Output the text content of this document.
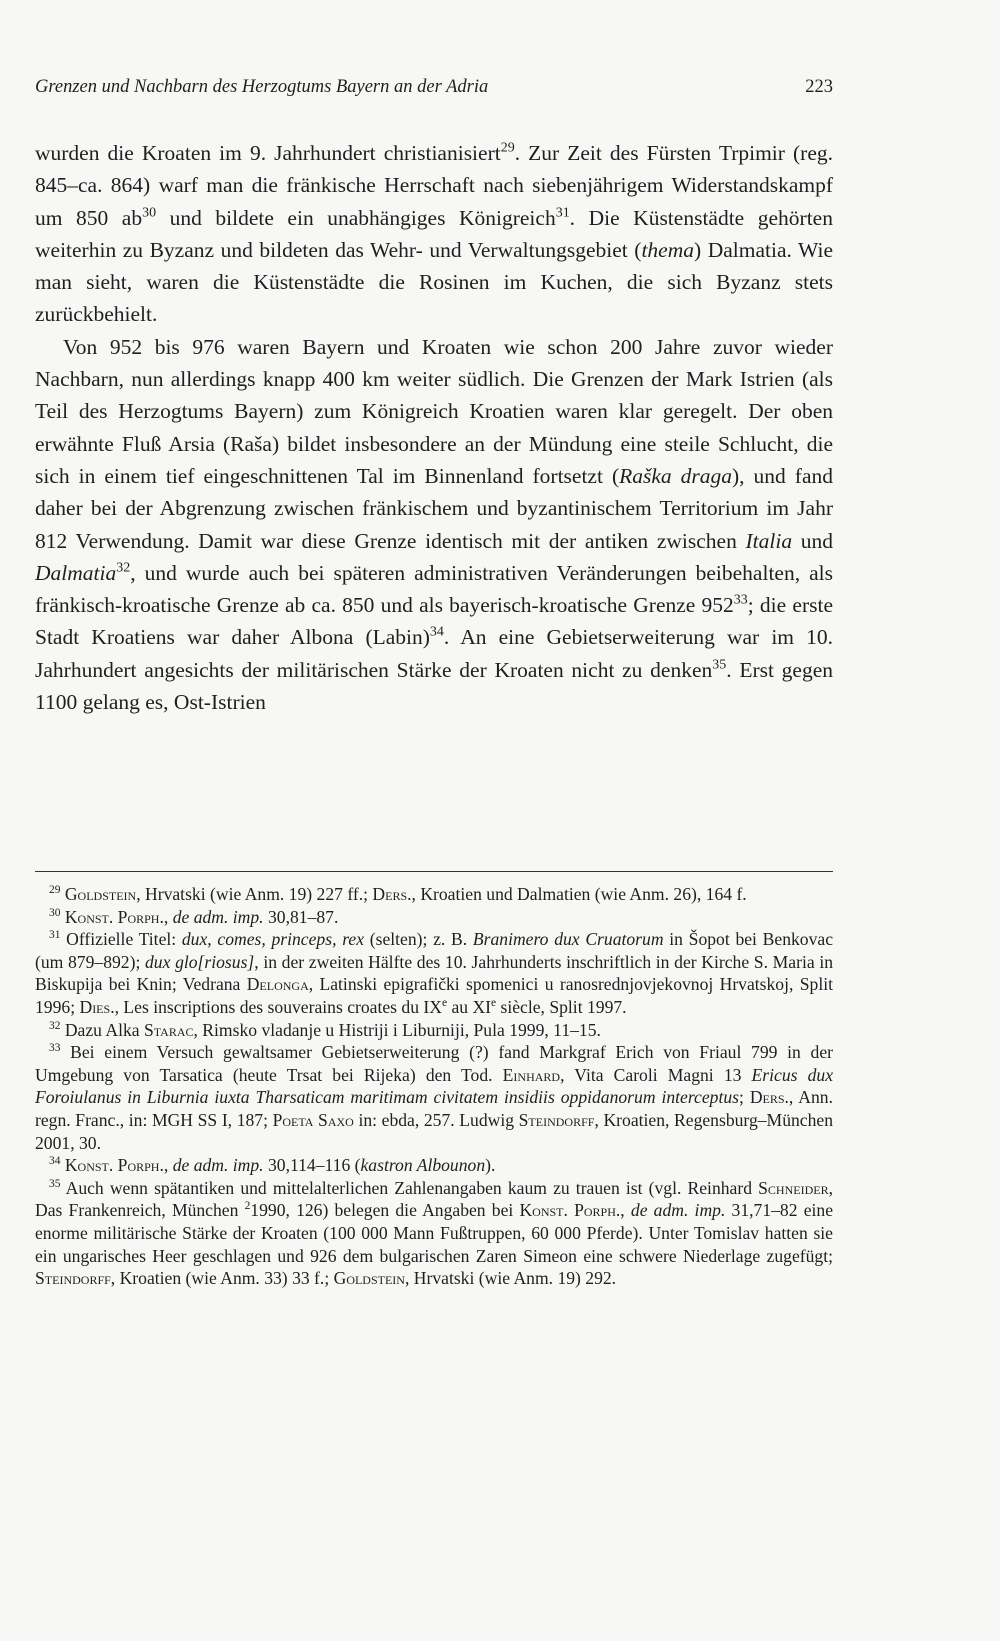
Grenzen und Nachbarn des Herzogtums Bayern an der Adria	223

wurden die Kroaten im 9. Jahrhundert christianisiert$^{29}$. Zur Zeit des Fürsten Trpimir (reg. 845–ca. 864) warf man die fränkische Herrschaft nach siebenjährigem Widerstandskampf um 850 $ab^{30}$ und bildete ein unabhängiges Königreich$^{31}$. Die Küstenstädte gehörten weiterhin zu Byzanz und bildeten das Wehr- und Verwaltungsgebiet (thema) Dalmatia. Wie man sieht, waren die Küstenstädte die Rosinen im Kuchen, die sich Byzanz stets zurückbehielt.

Von 952 bis 976 waren Bayern und Kroaten wie schon 200 Jahre zuvor wieder Nachbarn, nun allerdings knapp 400 km weiter südlich. Die Grenzen der Mark Istrien (als Teil des Herzogtums Bayern) zum Königreich Kroatien waren klar geregelt. Der oben erwähnte Fluß Arsia (Raša) bildet insbesondere an der Mündung eine steile Schlucht, die sich in einem tief eingeschnittenen Tal im Binnenland fortsetzt (Raška draga), und fand daher bei der Abgrenzung zwischen fränkischem und byzantinischem Territorium im Jahr 812 Verwendung. Damit war diese Grenze identisch mit der antiken zwischen Italia und Dalmatia$^{32}$, und wurde auch bei späteren administrativen Veränderungen beibehalten, als fränkisch-kroatische Grenze ab ca. 850 und als bayerisch-kroatische Grenze $952^{33}$; die erste Stadt Kroatiens war daher Albona (Labin)$^{34}$. An eine Gebietserweiterung war im 10. Jahrhundert angesichts der militärischen Stärke der Kroaten nicht zu denken$^{35}$. Erst gegen 1100 gelang es, Ost-Istrien

$^{29}$ Goldstein, Hrvatski (wie Anm. 19) 227 ff.; Ders., Kroatien und Dalmatien (wie Anm. 26), 164 f.

$^{30}$ Konst. Porph., de adm. imp. 30,81–87.

$^{31}$ Offizielle Titel: dux, comes, princeps, rex (selten); z. B. Branimero dux Cruatorum in Šopot bei Benkovac (um 879–892); dux glo[riosus], in der zweiten Hälfte des 10. Jahrhunderts inschriftlich in der Kirche S. Maria in Biskupija bei Knin; Vedrana Delonga, Latinski epigrafički spomenici u ranosrednjovjekovnoj Hrvatskoj, Split 1996; Dies., Les inscriptions des souverains croates du IXe au XIe siècle, Split 1997.

$^{32}$ Dazu Alka Starac, Rimsko vladanje u Histriji i Liburniji, Pula 1999, 11–15.

$^{33}$ Bei einem Versuch gewaltsamer Gebietserweiterung (?) fand Markgraf Erich von Friaul 799 in der Umgebung von Tarsatica (heute Trsat bei Rijeka) den Tod. Einhard, Vita Caroli Magni 13 Ericus dux Foroiulanus in Liburnia iuxta Tharsaticam maritimam civitatem insidiis oppidanorum interceptus; Ders., Ann. regn. Franc., in: MGH SS I, 187; Poeta Saxo in: ebda, 257. Ludwig Steindorff, Kroatien, Regensburg–München 2001, 30.

$^{34}$ Konst. Porph., de adm. imp. 30,114–116 (kastron Albounon).

$^{35}$ Auch wenn spätantiken und mittelalterlichen Zahlenangaben kaum zu trauen ist (vgl. Reinhard Schneider, Das Frankenreich, München $^2$1990, 126) belegen die Angaben bei Konst. Porph., de adm. imp. 31,71–82 eine enorme militärische Stärke der Kroaten (100 000 Mann Fußtruppen, 60 000 Pferde). Unter Tomislav hatten sie ein ungarisches Heer geschlagen und 926 dem bulgarischen Zaren Simeon eine schwere Niederlage zugefügt; Steindorff, Kroatien (wie Anm. 33) 33 f.; Goldstein, Hrvatski (wie Anm. 19) 292.
